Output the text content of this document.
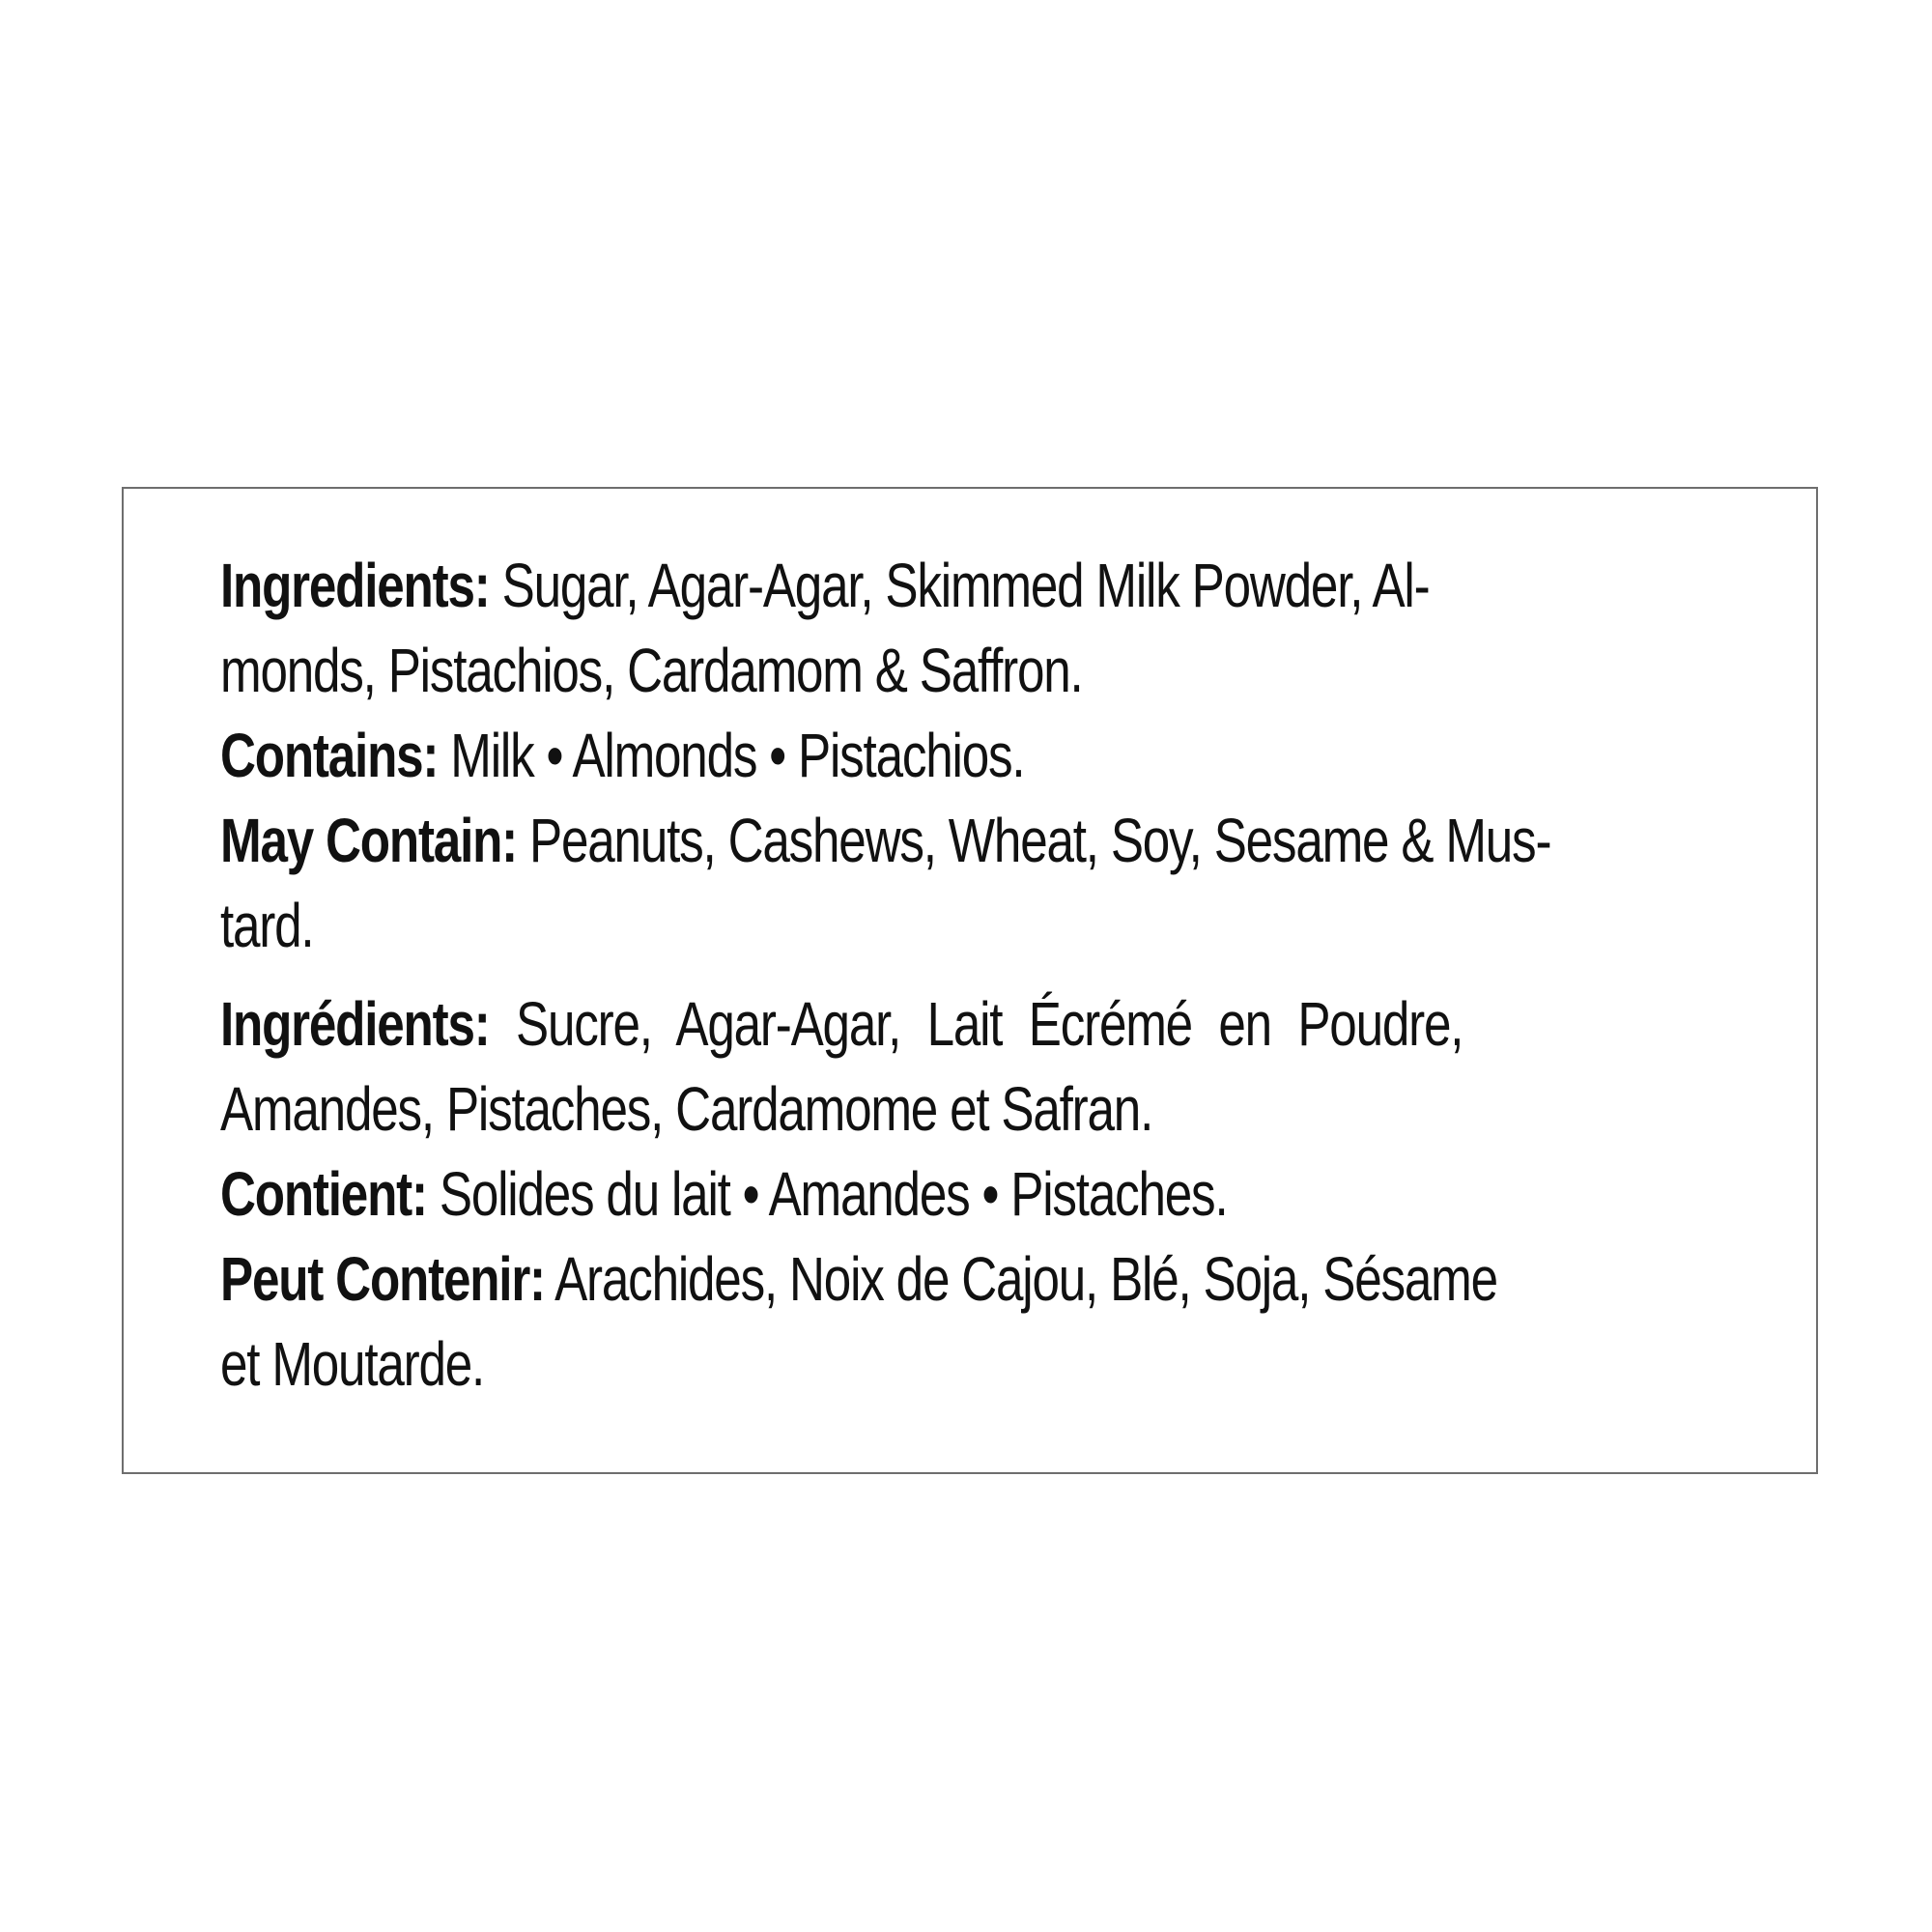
Ingredients: Sugar, Agar-Agar, Skimmed Milk Powder, Al-

monds, Pistachios, Cardamom & Saffron.

Contains: Milk • Almonds • Pistachios.

May Contain: Peanuts, Cashews, Wheat, Soy, Sesame & Mus-

tard.

Ingrédients: Sucre, Agar-Agar, Lait Écrémé en Poudre,

Amandes, Pistaches, Cardamome et Safran.

Contient: Solides du lait • Amandes • Pistaches.

Peut Contenir: Arachides, Noix de Cajou, Blé, Soja, Sésame

et Moutarde.
